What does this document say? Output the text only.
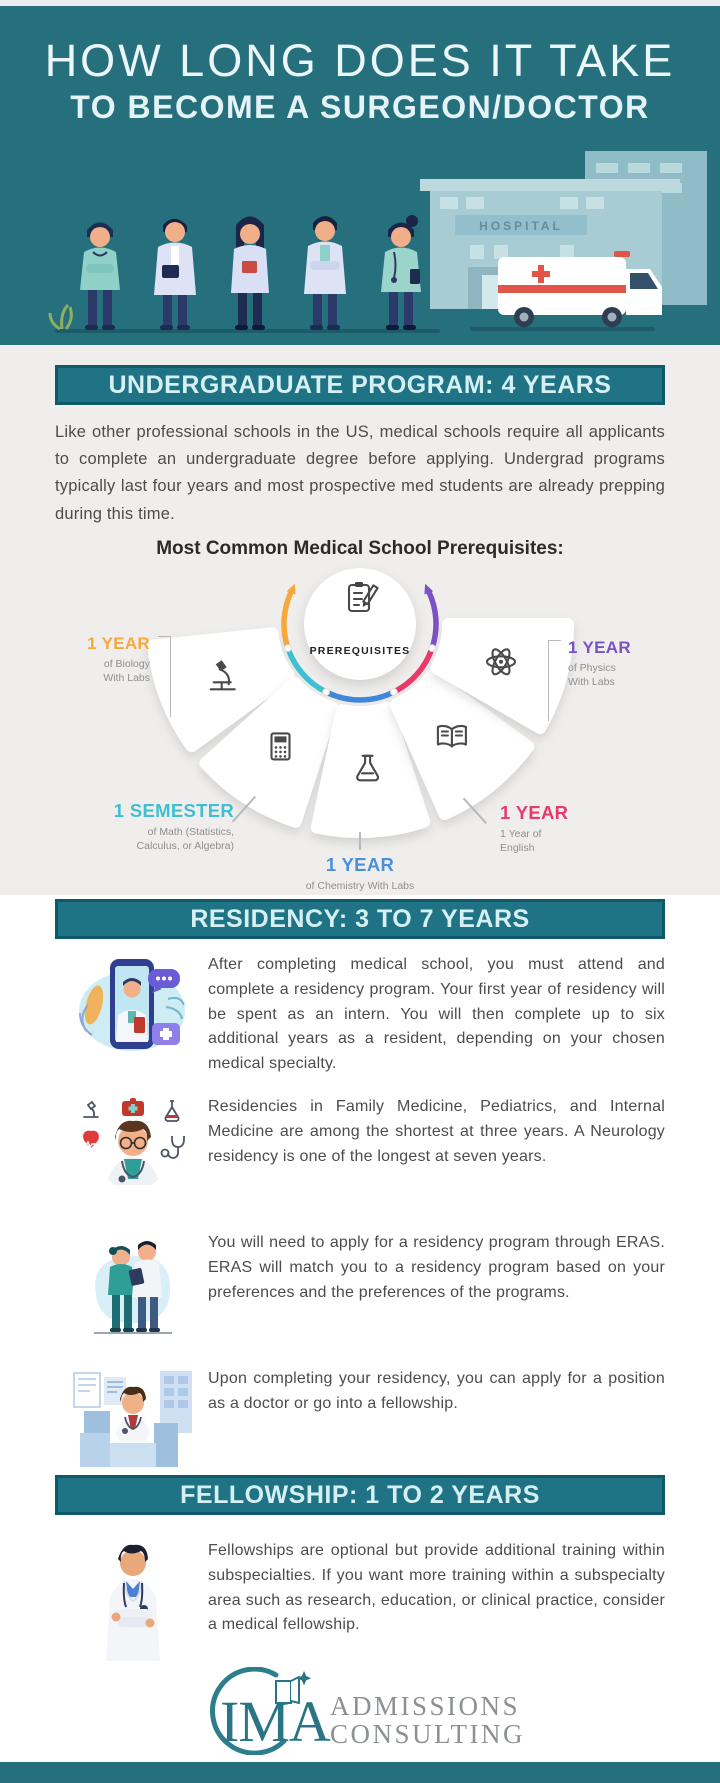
HOW LONG DOES IT TAKE
TO BECOME A SURGEON/DOCTOR
HOSPITAL
UNDERGRADUATE PROGRAM: 4 YEARS

Like other professional schools in the US, medical schools require all applicants to complete an undergraduate degree before applying. Undergrad programs typically last four years and most prospective med students are already prepping during this time.

Most Common Medical School Prerequisites:
PREREQUISITES
1 YEAR
of Biology
With Labs
1 YEAR
of Physics
With Labs
1 SEMESTER
of Math (Statistics,
Calculus, or Algebra)
1 YEAR
1 Year of
English
1 YEAR
of Chemistry With Labs
RESIDENCY: 3 TO 7 YEARS

After completing medical school, you must attend and complete a residency program. Your first year of residency will be spent as an intern. You will then complete up to six additional years as a resident, depending on your chosen medical specialty.

Residencies in Family Medicine, Pediatrics, and Internal Medicine are among the shortest at three years. A Neurology residency is one of the longest at seven years.

You will need to apply for a residency program through ERAS. ERAS will match you to a residency program based on your preferences and the preferences of the programs.

Upon completing your residency, you can apply for a position as a doctor or go into a fellowship.

FELLOWSHIP: 1 TO 2 YEARS

Fellowships are optional but provide additional training within subspecialties. If you want more training within a subspecialty area such as research, education, or clinical practice, consider a medical fellowship.

IMA ADMISSIONS
CONSULTING
